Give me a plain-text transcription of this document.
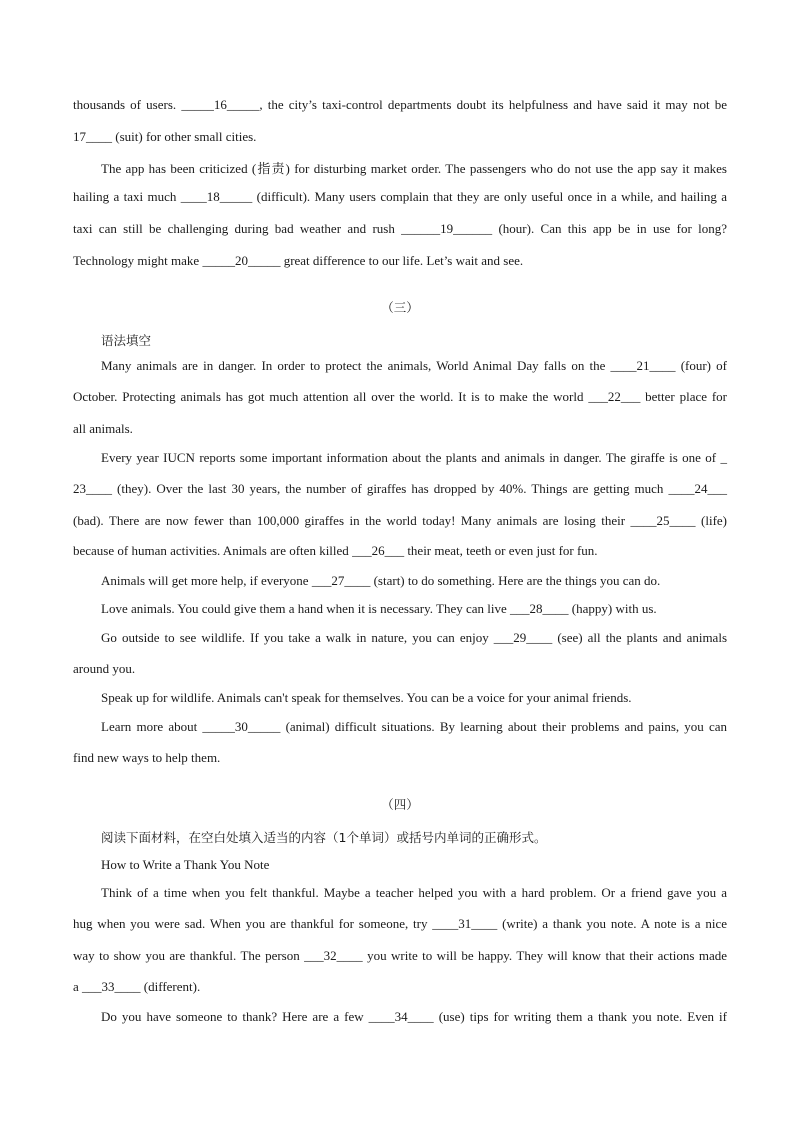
thousands of users. _____16_____, the city’s taxi-control departments doubt its helpfulness and have said it may not be
17____ (suit) for other small cities.
The app has been criticized (指责) for disturbing market order. The passengers who do not use the app say it makes
hailing a taxi much ____18_____ (difficult). Many users complain that they are only useful once in a while, and hailing a
taxi can still be challenging during bad weather and rush ______19______ (hour). Can this app be in use for long?
Technology might make _____20_____ great difference to our life. Let’s wait and see.
（三）
语法填空
Many animals are in danger. In order to protect the animals, World Animal Day falls on the ____21____ (four) of
October. Protecting animals has got much attention all over the world. It is to make the world ___22___ better place for
all animals.
Every year IUCN reports some important information about the plants and animals in danger. The giraffe is one of _
23____ (they). Over the last 30 years, the number of giraffes has dropped by 40%. Things are getting much ____24___
(bad). There are now fewer than 100,000 giraffes in the world today! Many animals are losing their ____25____ (life)
because of human activities. Animals are often killed ___26___ their meat, teeth or even just for fun.
Animals will get more help, if everyone ___27____ (start) to do something. Here are the things you can do.
Love animals. You could give them a hand when it is necessary. They can live ___28____ (happy) with us.
Go outside to see wildlife. If you take a walk in nature, you can enjoy ___29____ (see) all the plants and animals
around you.
Speak up for wildlife. Animals can't speak for themselves. You can be a voice for your animal friends.
Learn more about _____30_____ (animal) difficult situations. By learning about their problems and pains, you can
find new ways to help them.
（四）
阅读下面材料，在空白处填入适当的内容（1个单词）或括号内单词的正确形式。
How to Write a Thank You Note
Think of a time when you felt thankful. Maybe a teacher helped you with a hard problem. Or a friend gave you a
hug when you were sad. When you are thankful for someone, try ____31____ (write) a thank you note. A note is a nice
way to show you are thankful. The person ___32____ you write to will be happy. They will know that their actions made
a ___33____ (different).
Do you have someone to thank? Here are a few ____34____ (use) tips for writing them a thank you note. Even if
